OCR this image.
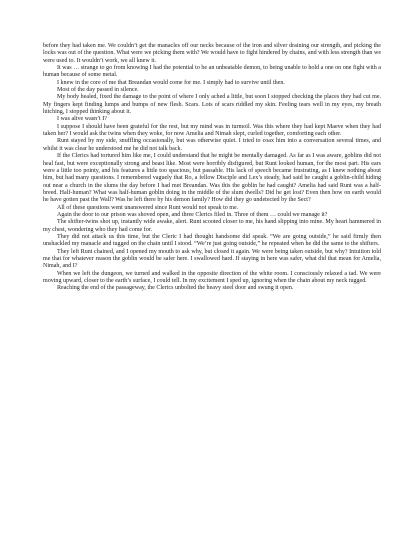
before they had taken me. We couldn’t get the manacles off our necks because of the iron and silver draining our strength, and picking the locks was out of the question. What were we picking them with? We would have to fight hindered by chains, and with less strength than we were used to. It wouldn’t work, we all knew it.

It was … strange to go from knowing I had the potential to be an unbeatable demon, to being unable to hold a one on one fight with a human because of some metal.

I knew in the core of me that Breandan would come for me. I simply had to survive until then.

Most of the day passed in silence.

My body healed, fixed the damage to the point of where I only ached a little, but soon I stopped checking the places they had cut me. My fingers kept finding lumps and bumps of new flesh. Scars. Lots of scars riddled my skin. Feeling tears well in my eyes, my breath hitching, I stopped thinking about it.

I was alive wasn’t I?

I suppose I should have been grateful for the rest, but my mind was in turmoil. Was this where they had kept Maeve when they had taken her? I would ask the twins when they woke, for now Amelia and Nimah slept, curled together, comforting each other.

Runt stayed by my side, snuffling occasionally, but was otherwise quiet. I tried to coax him into a conversation several times, and whilst it was clear he understood me he did not talk back.

If the Clerics had tortured him like me, I could understand that he might be mentally damaged. As far as I was aware, goblins did not heal fast, but were exceptionally strong and beast like. Most were horribly disfigured, but Runt looked human, for the most part. His ears were a little too pointy, and his features a little too spacious, but passable. His lack of speech became frustrating, as I knew nothing about him, but had many questions. I remembered vaguely that Ro, a fellow Disciple and Lex’s steady, had said he caught a goblin-child hiding out near a church in the slums the day before I had met Breandan. Was this the goblin he had caught? Amelia had said Runt was a half-breed. Half-human? What was half-human goblin doing in the middle of the slum dwells? Did he get lost? Even then how on earth would he have gotten past the Wall? Was he left there by his demon family? How did they go undetected by the Sect?

All of these questions went unanswered since Runt would not speak to me.

Again the door to our prison was shoved open, and three Clerics filed in. Three of them … could we manage it?

The shifter-twins shot up, instantly wide awake, alert. Runt scooted closer to me, his hand slipping into mine. My heart hammered in my chest, wondering who they had come for.

They did not attack us this time, but the Cleric I had thought handsome did speak. “We are going outside,” he said firmly then unshackled my manacle and tugged on the chain until I stood. “We’re just going outside,” he repeated when he did the same to the shifters.

They left Runt chained, and I opened my mouth to ask why, but closed it again. We were being taken outside, but why? Intuition told me that for whatever reason the goblin would be safer here. I swallowed hard. If staying in here was safer, what did that mean for Amelia, Nimah, and I?

When we left the dungeon, we turned and walked in the opposite direction of the white room. I consciously relaxed a tad. We were moving upward, closer to the earth’s surface, I could tell. In my excitement I sped up, ignoring when the chain about my neck tugged.

Reaching the end of the passageway, the Clerics unbolted the heavy steel door and swung it open.
